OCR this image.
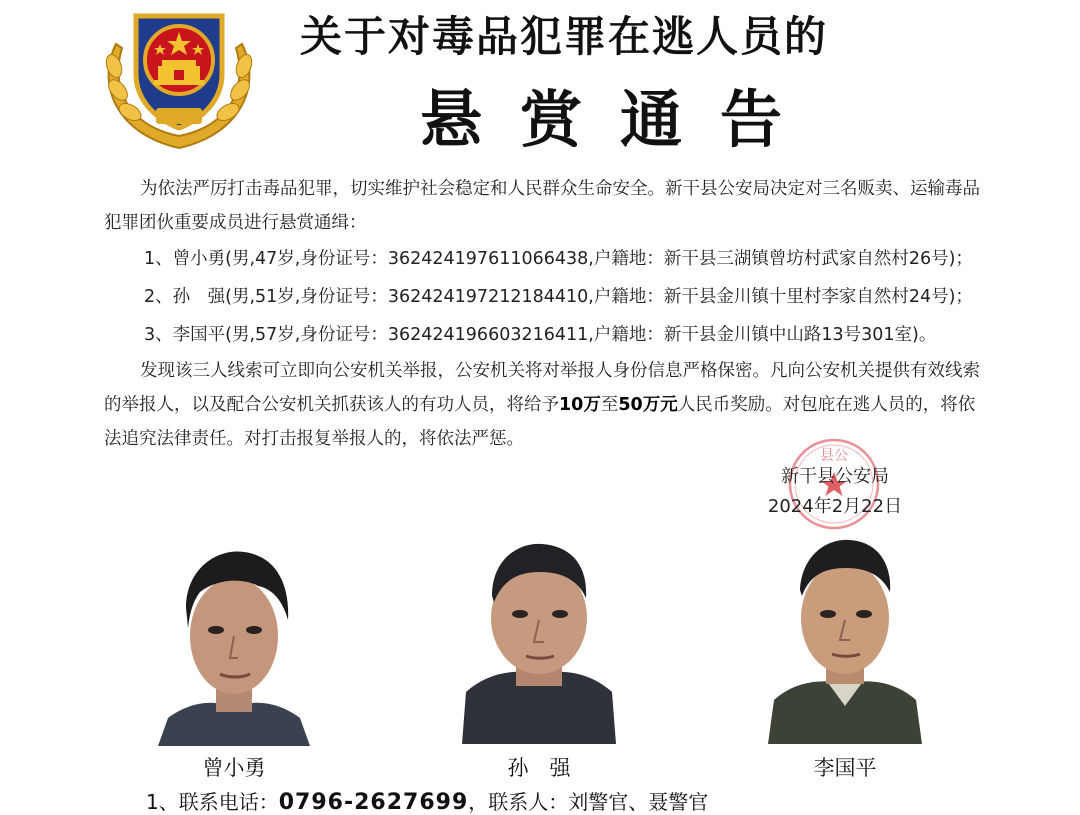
关于对毒品犯罪在逃人员的
悬赏通告

为依法严厉打击毒品犯罪，切实维护社会稳定和人民群众生命安全。新干县公安局决定对三名贩卖、运输毒品犯罪团伙重要成员进行悬赏通缉：

1、曾小勇(男,47岁,身份证号：362424197611066438,户籍地：新干县三湖镇曾坊村武家自然村26号)；

2、孙　强(男,51岁,身份证号：362424197212184410,户籍地：新干县金川镇十里村李家自然村24号)；

3、李国平(男,57岁,身份证号：362424196603216411,户籍地：新干县金川镇中山路13号301室)。

发现该三人线索可立即向公安机关举报，公安机关将对举报人身份信息严格保密。凡向公安机关提供有效线索的举报人，以及配合公安机关抓获该人的有功人员，将给予10万至50万元人民币奖励。对包庇在逃人员的，将依法追究法律责任。对打击报复举报人的，将依法严惩。

县公
新干县公安局
2024年2月22日
曾小勇	孙　强	李国平
1、联系电话：0796-2627699，联系人：刘警官、聂警官
